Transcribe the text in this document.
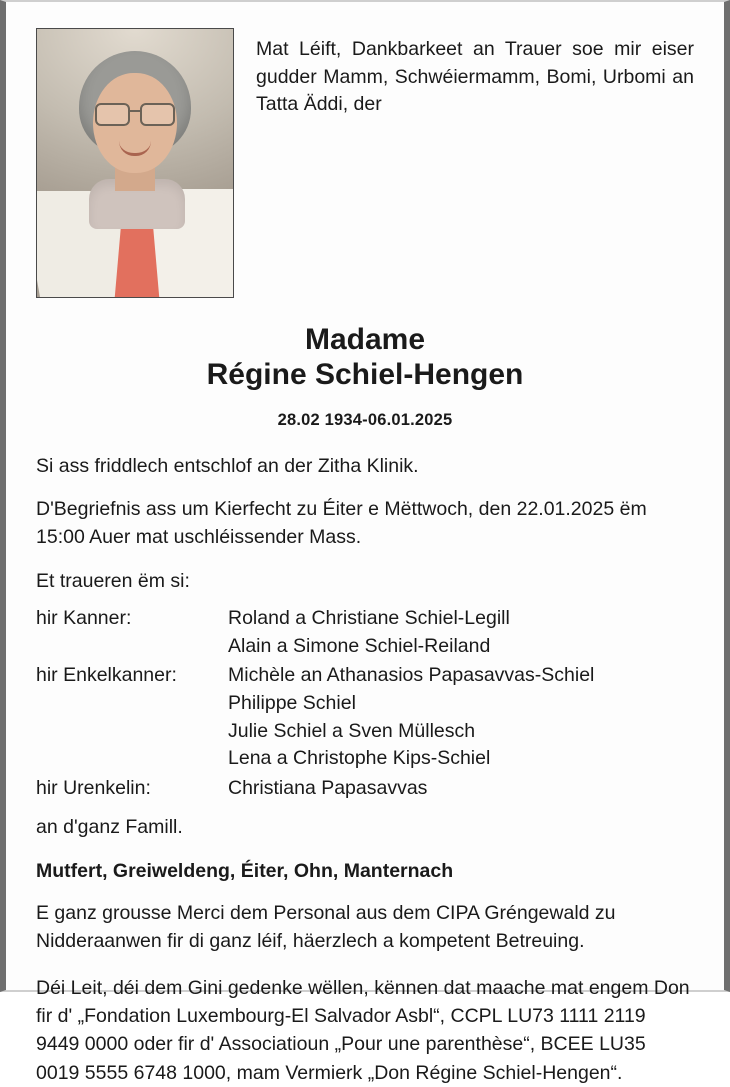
Mat Léift, Dankbarkeet an Trauer soe mir eiser gudder Mamm, Schwéiermamm, Bomi, Urbomi an Tatta Äddi, der
Madame
Régine Schiel-Hengen
28.02 1934-06.01.2025
Si ass friddlech entschlof an der Zitha Klinik.
D'Begriefnis ass um Kierfecht zu Éiter e Mëttwoch, den 22.01.2025 ëm 15:00 Auer mat uschléissender Mass.
Et traueren ëm si:
hir Kanner:	Roland a Christiane Schiel-Legill
Alain a Simone Schiel-Reiland

hir Enkelkanner:	Michèle an Athanasios Papasavvas-Schiel
Philippe Schiel
Julie Schiel a Sven Müllesch
Lena a Christophe Kips-Schiel

hir Urenkelin:	Christiana Papasavvas
an d'ganz Famill.
Mutfert, Greiweldeng, Éiter, Ohn, Manternach
E ganz grousse Merci dem Personal aus dem CIPA Gréngewald zu Nidderaanwen fir di ganz léif, häerzlech a kompetent Betreuing.
Déi Leit, déi dem Gini gedenke wëllen, kënnen dat maache mat engem Don fir d' „Fondation Luxembourg-El Salvador Asbl“, CCPL LU73 1111 2119 9449 0000 oder fir d' Associatioun „Pour une parenthèse“, BCEE LU35 0019 5555 6748 1000, mam Vermierk „Don Régine Schiel-Hengen“.
